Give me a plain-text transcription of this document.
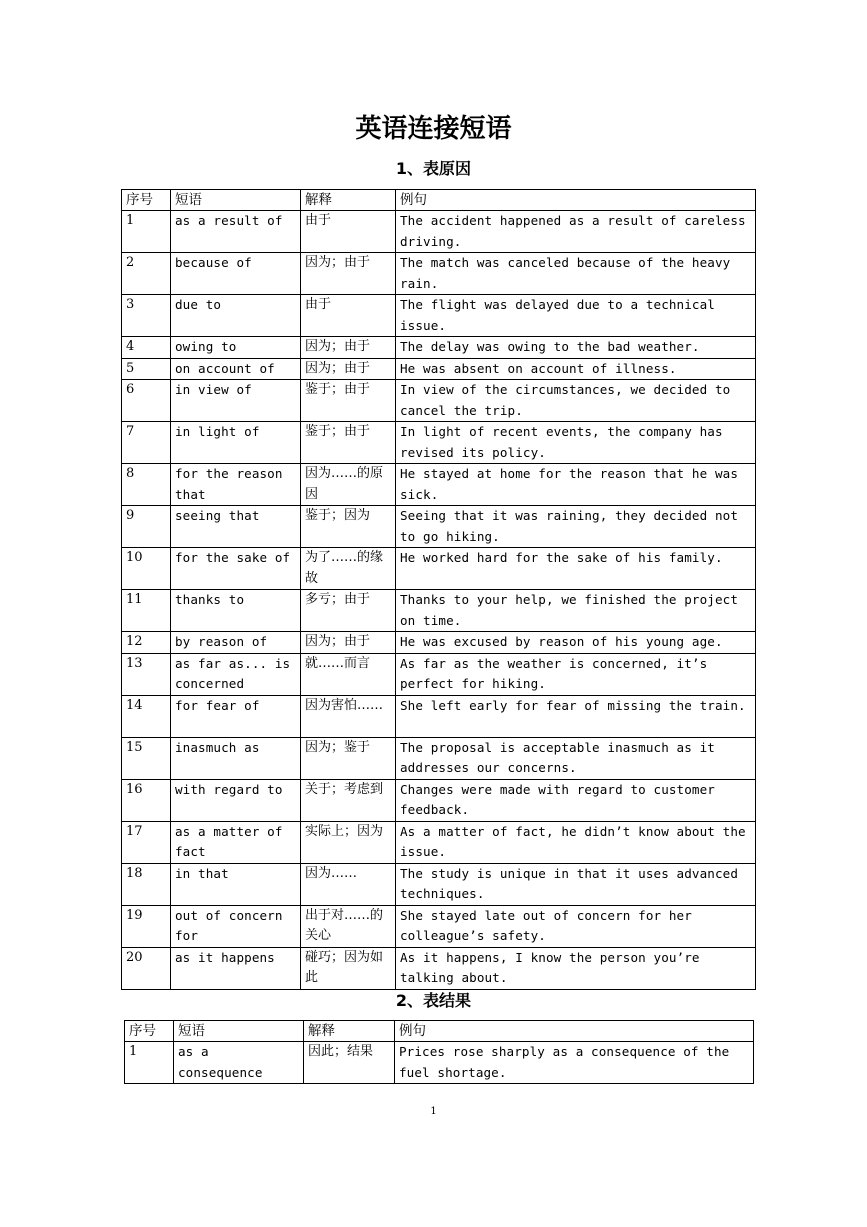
英语连接短语
1、表原因
序号	短语	解释	例句
1	as a result of	由于	The accident happened as a result of careless driving.
2	because of	因为；由于	The match was canceled because of the heavy rain.
3	due to	由于	The flight was delayed due to a technical issue.
4	owing to	因为；由于	The delay was owing to the bad weather.
5	on account of	因为；由于	He was absent on account of illness.
6	in view of	鉴于；由于	In view of the circumstances, we decided to cancel the trip.
7	in light of	鉴于；由于	In light of recent events, the company has revised its policy.
8	for the reason that	因为……的原因	He stayed at home for the reason that he was sick.
9	seeing that	鉴于；因为	Seeing that it was raining, they decided not to go hiking.
10	for the sake of	为了……的缘故	He worked hard for the sake of his family.
11	thanks to	多亏；由于	Thanks to your help, we finished the project on time.
12	by reason of	因为；由于	He was excused by reason of his young age.
13	as far as... is concerned	就……而言	As far as the weather is concerned, it’s perfect for hiking.
14	for fear of	因为害怕……	She left early for fear of missing the train.
15	inasmuch as	因为；鉴于	The proposal is acceptable inasmuch as it addresses our concerns.
16	with regard to	关于；考虑到	Changes were made with regard to customer feedback.
17	as a matter of fact	实际上；因为	As a matter of fact, he didn’t know about the issue.
18	in that	因为……	The study is unique in that it uses advanced techniques.
19	out of concern for	出于对……的关心	She stayed late out of concern for her colleague’s safety.
20	as it happens	碰巧；因为如此	As it happens, I know the person you’re talking about.
2、表结果
序号	短语	解释	例句
1	as a consequence	因此；结果	Prices rose sharply as a consequence of the fuel shortage.
1
